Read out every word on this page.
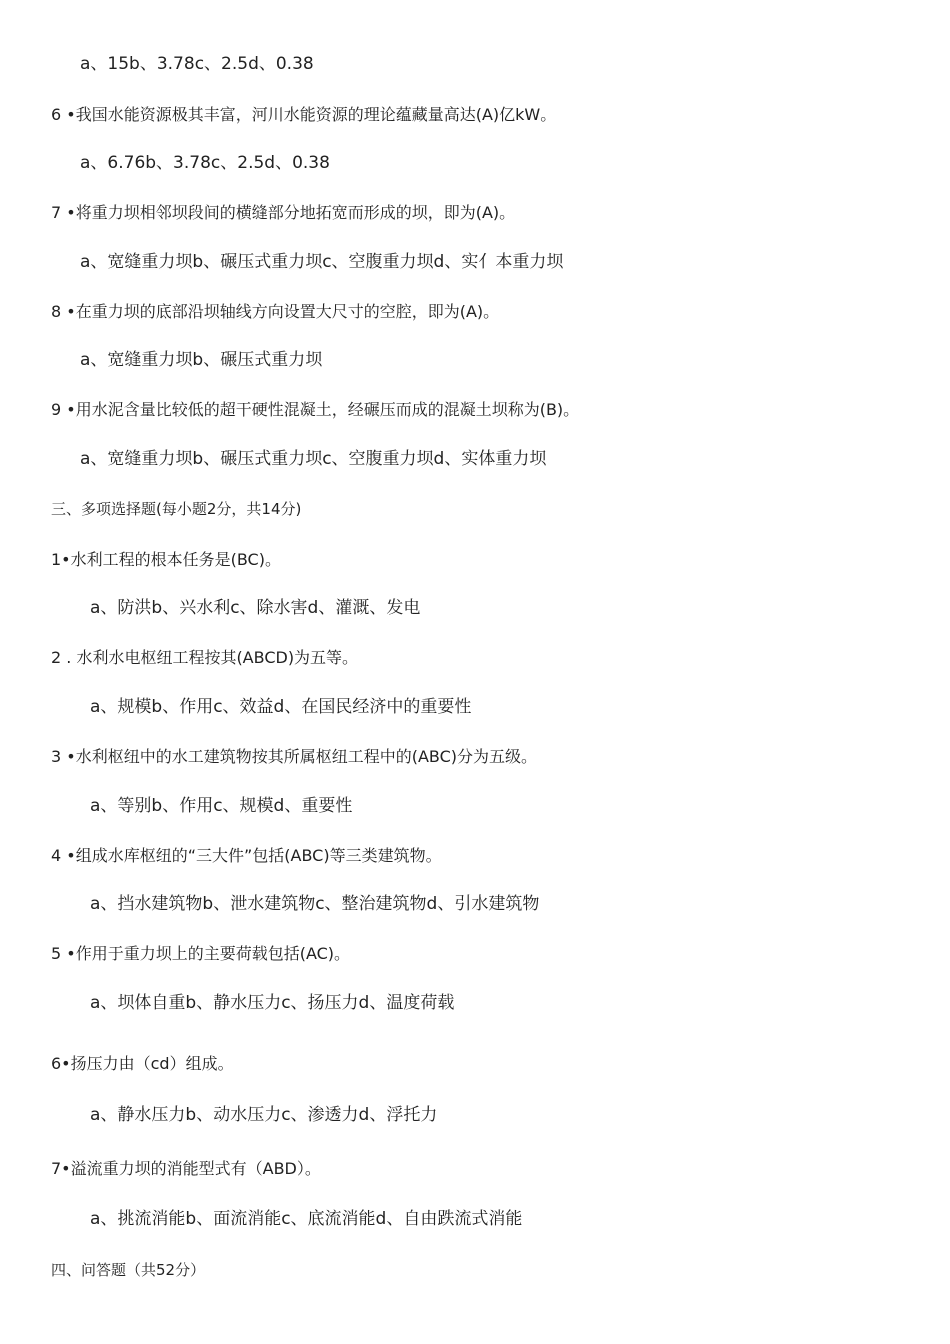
a、15b、3.78c、2.5d、0.38
6 •我国水能资源极其丰富，河川水能资源的理论蕴藏量高达(A)亿kW。
a、6.76b、3.78c、2.5d、0.38
7 •将重力坝相邻坝段间的横缝部分地拓宽而形成的坝，即为(A)。
a、宽缝重力坝b、碾压式重力坝c、空腹重力坝d、实亻本重力坝
8 •在重力坝的底部沿坝轴线方向设置大尺寸的空腔，即为(A)。
a、宽缝重力坝b、碾压式重力坝
9 •用水泥含量比较低的超干硬性混凝土，经碾压而成的混凝土坝称为(B)。
a、宽缝重力坝b、碾压式重力坝c、空腹重力坝d、实体重力坝
三、多项选择题(每小题2分，共14分)
1•水利工程的根本任务是(BC)。
a、防洪b、兴水利c、除水害d、灌溉、发电
2 . 水利水电枢纽工程按其(ABCD)为五等。
a、规模b、作用c、效益d、在国民经济中的重要性
3 •水利枢纽中的水工建筑物按其所属枢纽工程中的(ABC)分为五级。
a、等别b、作用c、规模d、重要性
4 •组成水库枢纽的“三大件”包括(ABC)等三类建筑物。
a、挡水建筑物b、泄水建筑物c、整治建筑物d、引水建筑物
5 •作用于重力坝上的主要荷载包括(AC)。
a、坝体自重b、静水压力c、扬压力d、温度荷载
6•扬压力由（cd）组成。
a、静水压力b、动水压力c、渗透力d、浮托力
7•溢流重力坝的消能型式有（ABD）。
a、挑流消能b、面流消能c、底流消能d、自由跌流式消能
四、问答题（共52分）
